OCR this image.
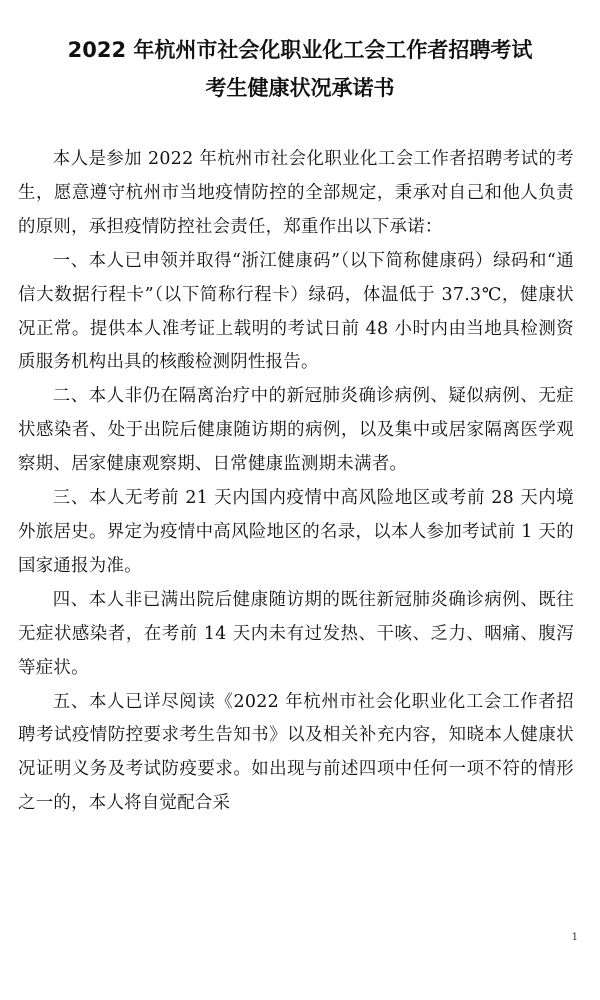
2022 年杭州市社会化职业化工会工作者招聘考试
考生健康状况承诺书

本人是参加 2022 年杭州市社会化职业化工会工作者招聘考试的考生，愿意遵守杭州市当地疫情防控的全部规定，秉承对自己和他人负责的原则，承担疫情防控社会责任，郑重作出以下承诺：

一、本人已申领并取得“浙江健康码”（以下简称健康码）绿码和“通信大数据行程卡”（以下简称行程卡）绿码，体温低于 37.3℃，健康状况正常。提供本人准考证上载明的考试日前 48 小时内由当地具检测资质服务机构出具的核酸检测阴性报告。

二、本人非仍在隔离治疗中的新冠肺炎确诊病例、疑似病例、无症状感染者、处于出院后健康随访期的病例，以及集中或居家隔离医学观察期、居家健康观察期、日常健康监测期未满者。

三、本人无考前 21 天内国内疫情中高风险地区或考前 28 天内境外旅居史。界定为疫情中高风险地区的名录，以本人参加考试前 1 天的国家通报为准。

四、本人非已满出院后健康随访期的既往新冠肺炎确诊病例、既往无症状感染者，在考前 14 天内未有过发热、干咳、乏力、咽痛、腹泻等症状。

五、本人已详尽阅读《2022 年杭州市社会化职业化工会工作者招聘考试疫情防控要求考生告知书》以及相关补充内容，知晓本人健康状况证明义务及考试防疫要求。如出现与前述四项中任何一项不符的情形之一的，本人将自觉配合采

1
